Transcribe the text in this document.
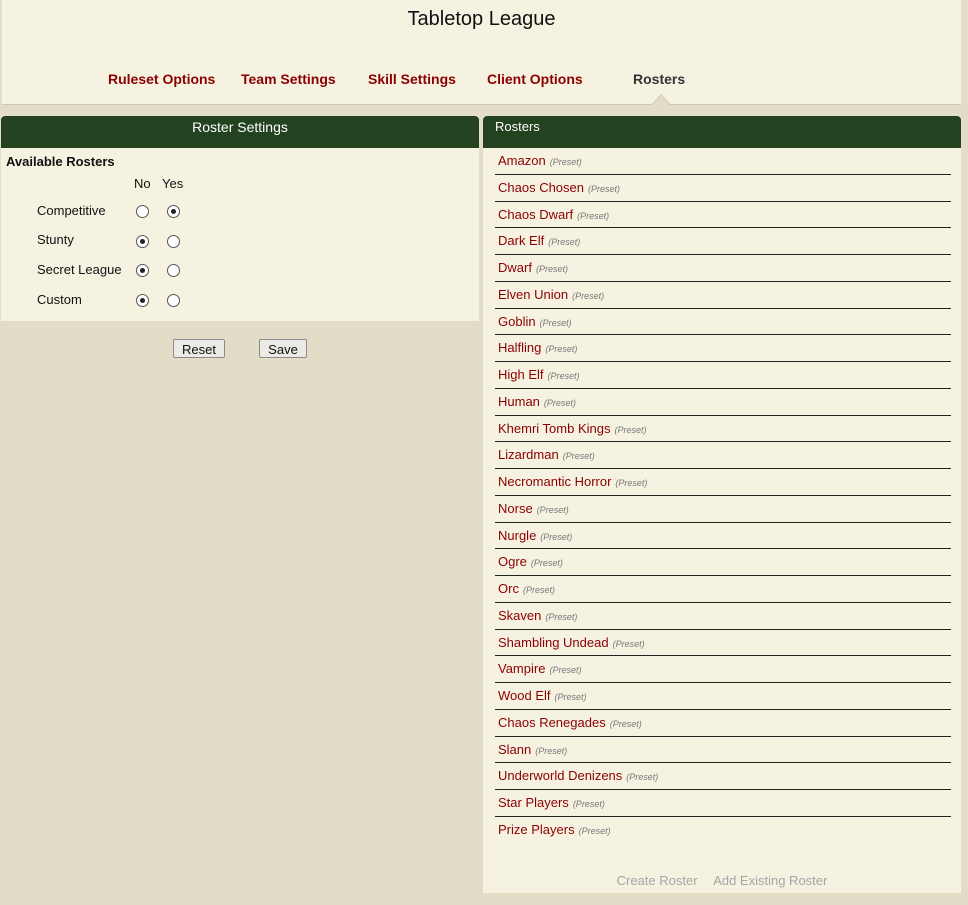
Tabletop League
Ruleset Options Team Settings Skill Settings Client Options	Rosters
Roster Settings
Available Rosters
No Yes
Competitive
Stunty
Secret League
Custom
Reset	Save
Rosters
Amazon (Preset)
Chaos Chosen (Preset)
Chaos Dwarf (Preset)
Dark Elf (Preset)
Dwarf (Preset)
Elven Union (Preset)
Goblin (Preset)
Halfling (Preset)
High Elf (Preset)
Human (Preset)
Khemri Tomb Kings (Preset)
Lizardman (Preset)
Necromantic Horror (Preset)
Norse (Preset)
Nurgle (Preset)
Ogre (Preset)
Orc (Preset)
Skaven (Preset)
Shambling Undead (Preset)
Vampire (Preset)
Wood Elf (Preset)
Chaos Renegades (Preset)
Slann (Preset)
Underworld Denizens (Preset)
Star Players (Preset)
Prize Players (Preset)
Create Roster Add Existing Roster
